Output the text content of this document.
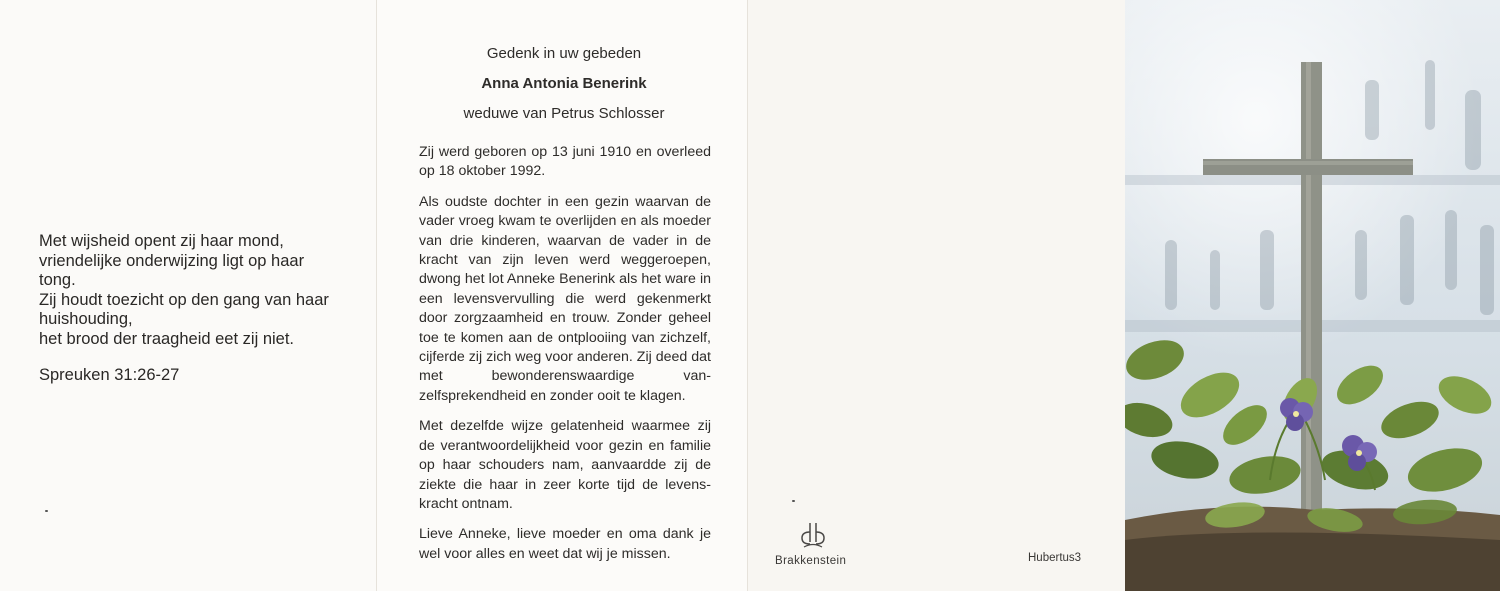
Met wijsheid opent zij haar mond,
vriendelijke onderwijzing ligt op haar
tong.
Zij houdt toezicht op den gang van haar
huishouding,
het brood der traagheid eet zij niet.
Spreuken 31:26-27
Gedenk in uw gebeden
Anna Antonia Benerink
weduwe van Petrus Schlosser

Zij werd geboren op 13 juni 1910 en overleed op 18 oktober 1992.

Als oudste dochter in een gezin waarvan de vader vroeg kwam te overlijden en als moeder van drie kinderen, waarvan de vader in de kracht van zijn leven werd weggeroepen, dwong het lot Anneke Benerink als het ware in een levensvervulling die werd gekenmerkt door zorgzaamheid en trouw. Zonder geheel toe te komen aan de ontplooiing van zichzelf, cijferde zij zich weg voor anderen. Zij deed dat met bewonderenswaardige vanzelfsprekendheid en zonder ooit te klagen.

Met dezelfde wijze gelatenheid waarmee zij de verantwoordelijkheid voor gezin en familie op haar schouders nam, aanvaardde zij de ziekte die haar in zeer korte tijd de levenskracht ontnam.

Lieve Anneke, lieve moeder en oma dank je wel voor alles en weet dat wij je missen.	Brakkenstein	Hubertus3
